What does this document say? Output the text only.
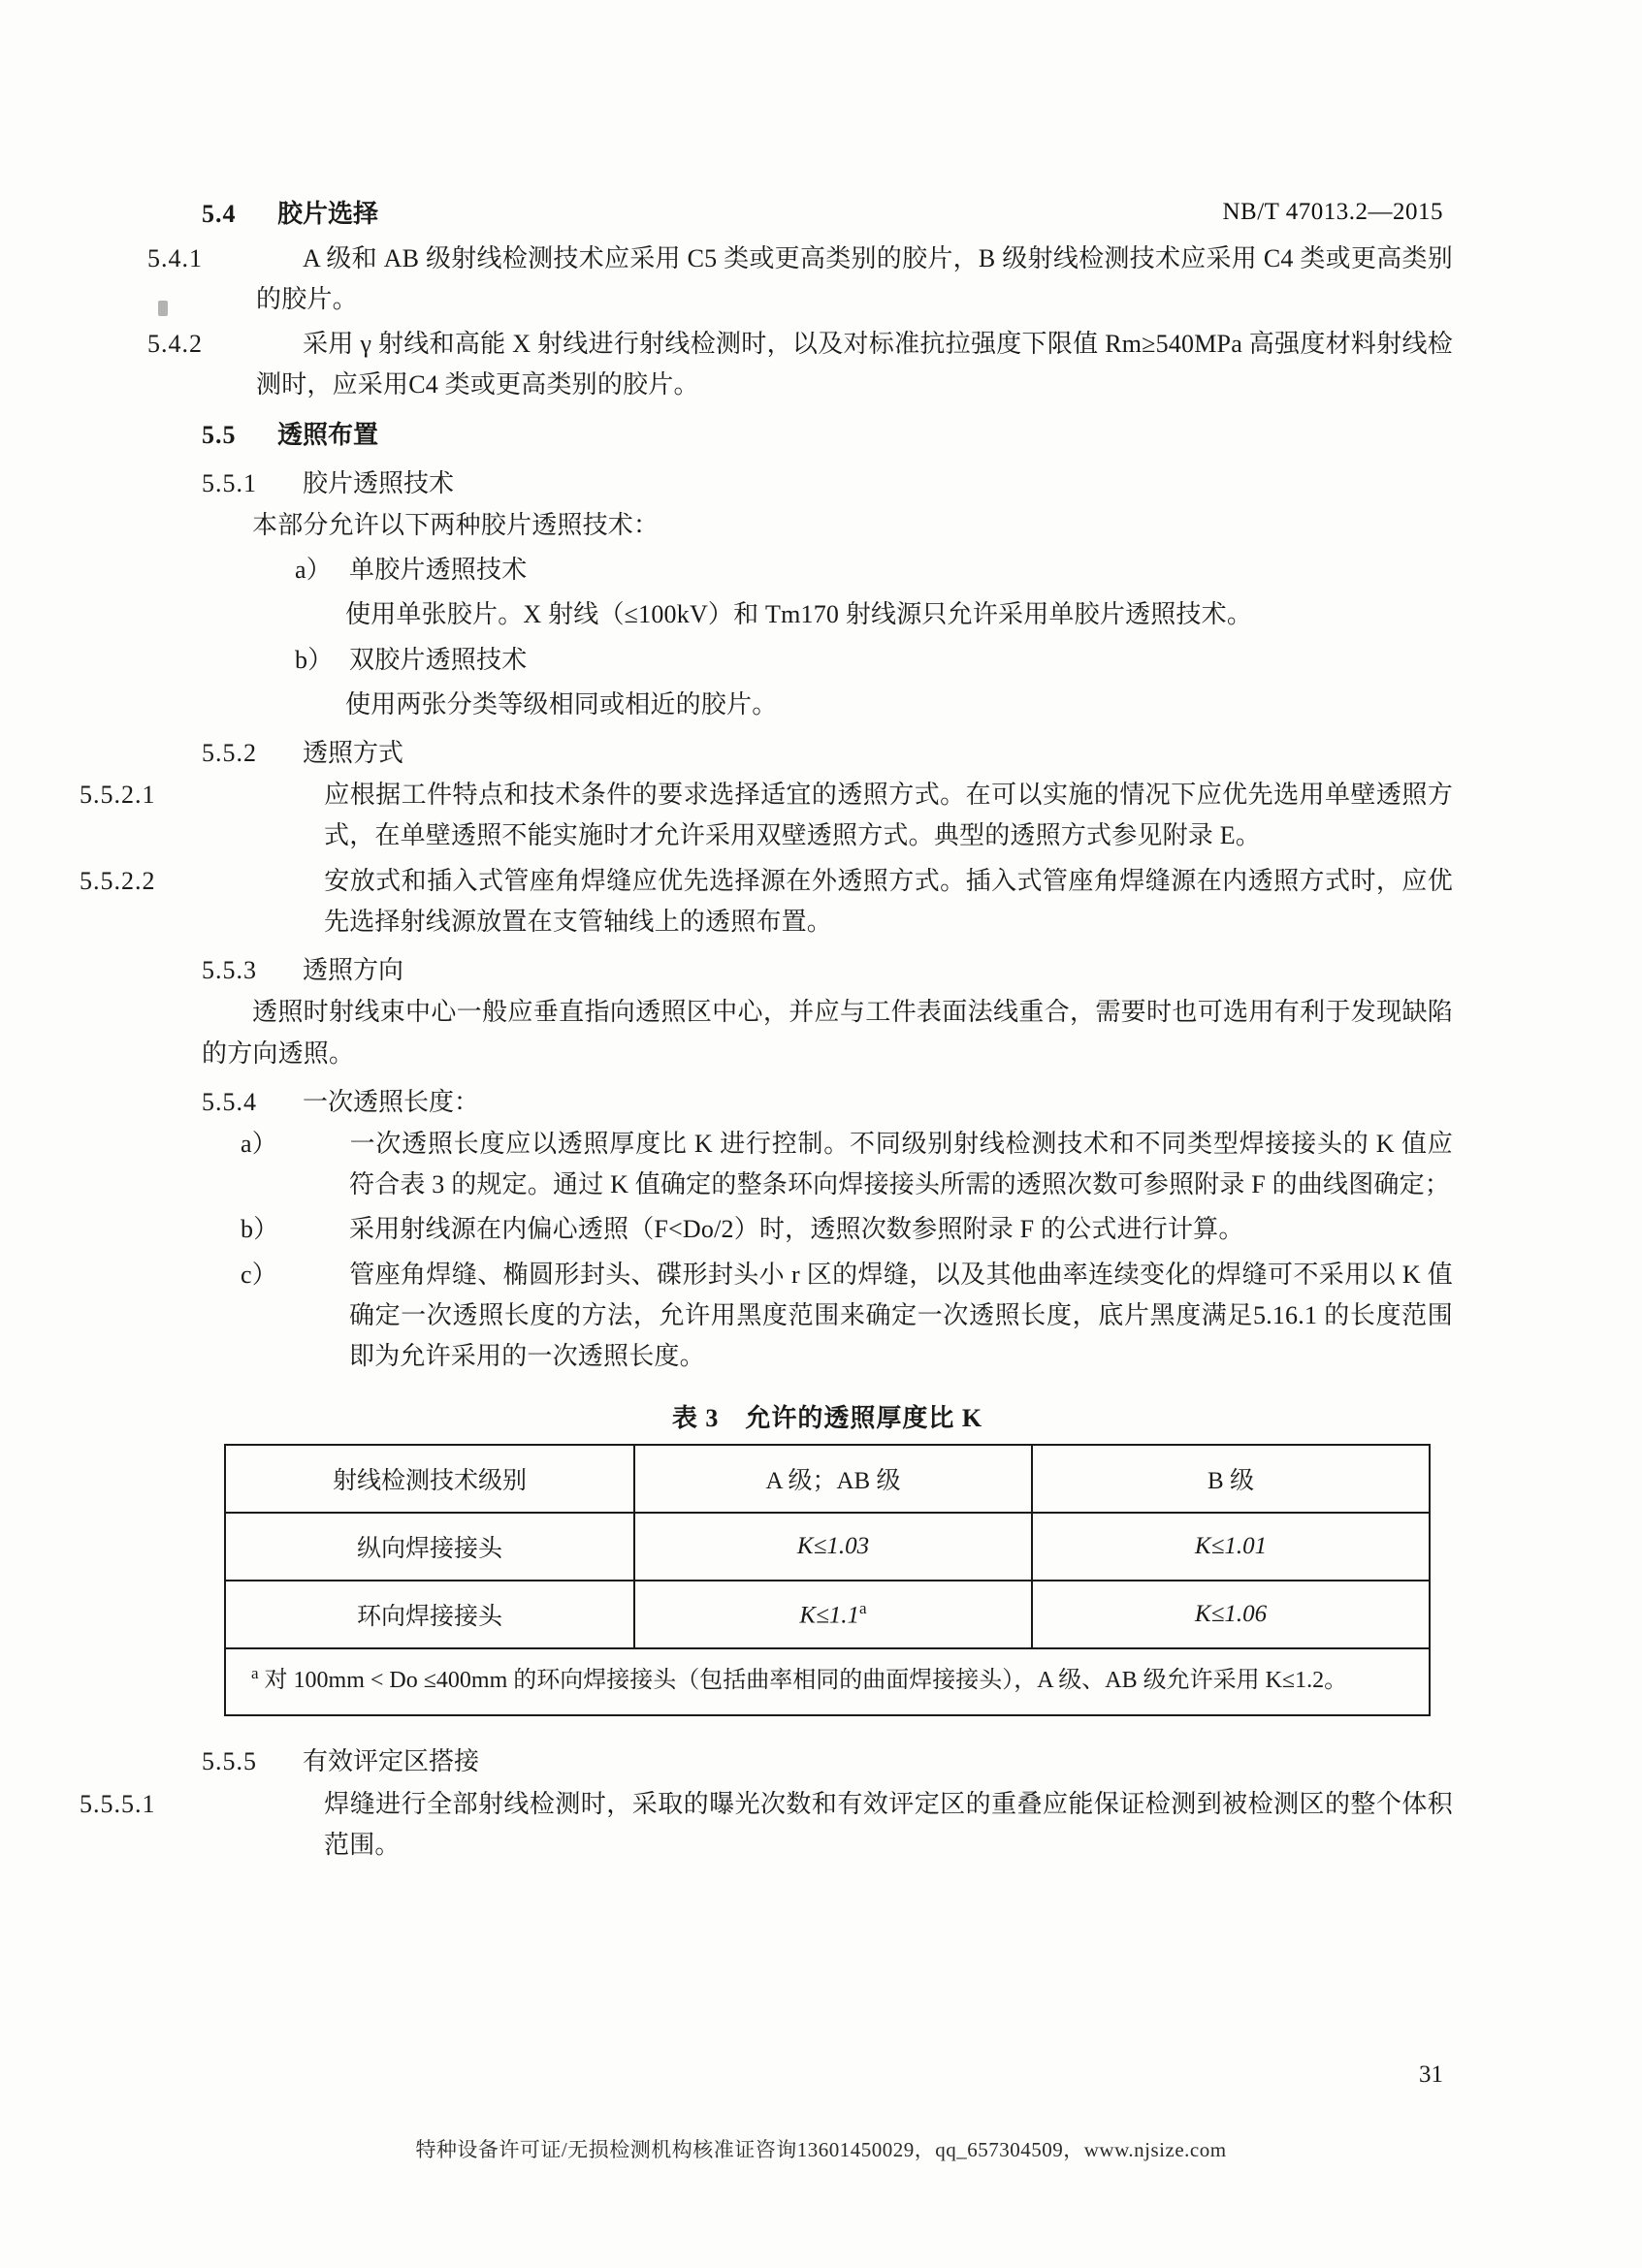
NB/T 47013.2—2015
5.4 胶片选择

5.4.1	A 级和 AB 级射线检测技术应采用 C5 类或更高类别的胶片，B 级射线检测技术应采用 C4 类或更高类别的胶片。

5.4.2	采用 γ 射线和高能 X 射线进行射线检测时，以及对标准抗拉强度下限值 Rm≥540MPa 高强度材料射线检测时，应采用C4 类或更高类别的胶片。

5.5 透照布置
5.5.1 胶片透照技术

本部分允许以下两种胶片透照技术：

a） 单胶片透照技术

使用单张胶片。X 射线（≤100kV）和 Tm170 射线源只允许采用单胶片透照技术。

b） 双胶片透照技术

使用两张分类等级相同或相近的胶片。

5.5.2 透照方式

5.5.2.1	应根据工件特点和技术条件的要求选择适宜的透照方式。在可以实施的情况下应优先选用单壁透照方式，在单壁透照不能实施时才允许采用双壁透照方式。典型的透照方式参见附录 E。

5.5.2.2	安放式和插入式管座角焊缝应优先选择源在外透照方式。插入式管座角焊缝源在内透照方式时，应优先选择射线源放置在支管轴线上的透照布置。

5.5.3 透照方向

透照时射线束中心一般应垂直指向透照区中心，并应与工件表面法线重合，需要时也可选用有利于发现缺陷的方向透照。

5.5.4 一次透照长度：

a）	一次透照长度应以透照厚度比 K 进行控制。不同级别射线检测技术和不同类型焊接接头的 K 值应符合表 3 的规定。通过 K 值确定的整条环向焊接接头所需的透照次数可参照附录 F 的曲线图确定；

b）	采用射线源在内偏心透照（F<Do/2）时，透照次数参照附录 F 的公式进行计算。

c）	管座角焊缝、椭圆形封头、碟形封头小 r 区的焊缝，以及其他曲率连续变化的焊缝可不采用以 K 值确定一次透照长度的方法，允许用黑度范围来确定一次透照长度，底片黑度满足5.16.1 的长度范围即为允许采用的一次透照长度。

表 3　允许的透照厚度比 K
射线检测技术级别	A 级；AB 级	B 级
纵向焊接接头	K≤1.03	K≤1.01
环向焊接接头	K≤1.1$^a$	K≤1.06
$^a$ 对 100mm < Do ≤400mm 的环向焊接接头（包括曲率相同的曲面焊接接头），A 级、AB 级允许采用 K≤1.2。		
5.5.5 有效评定区搭接

5.5.5.1	焊缝进行全部射线检测时，采取的曝光次数和有效评定区的重叠应能保证检测到被检测区的整个体积范围。

31
特种设备许可证/无损检测机构核准证咨询13601450029，qq_657304509，www.njsize.com
